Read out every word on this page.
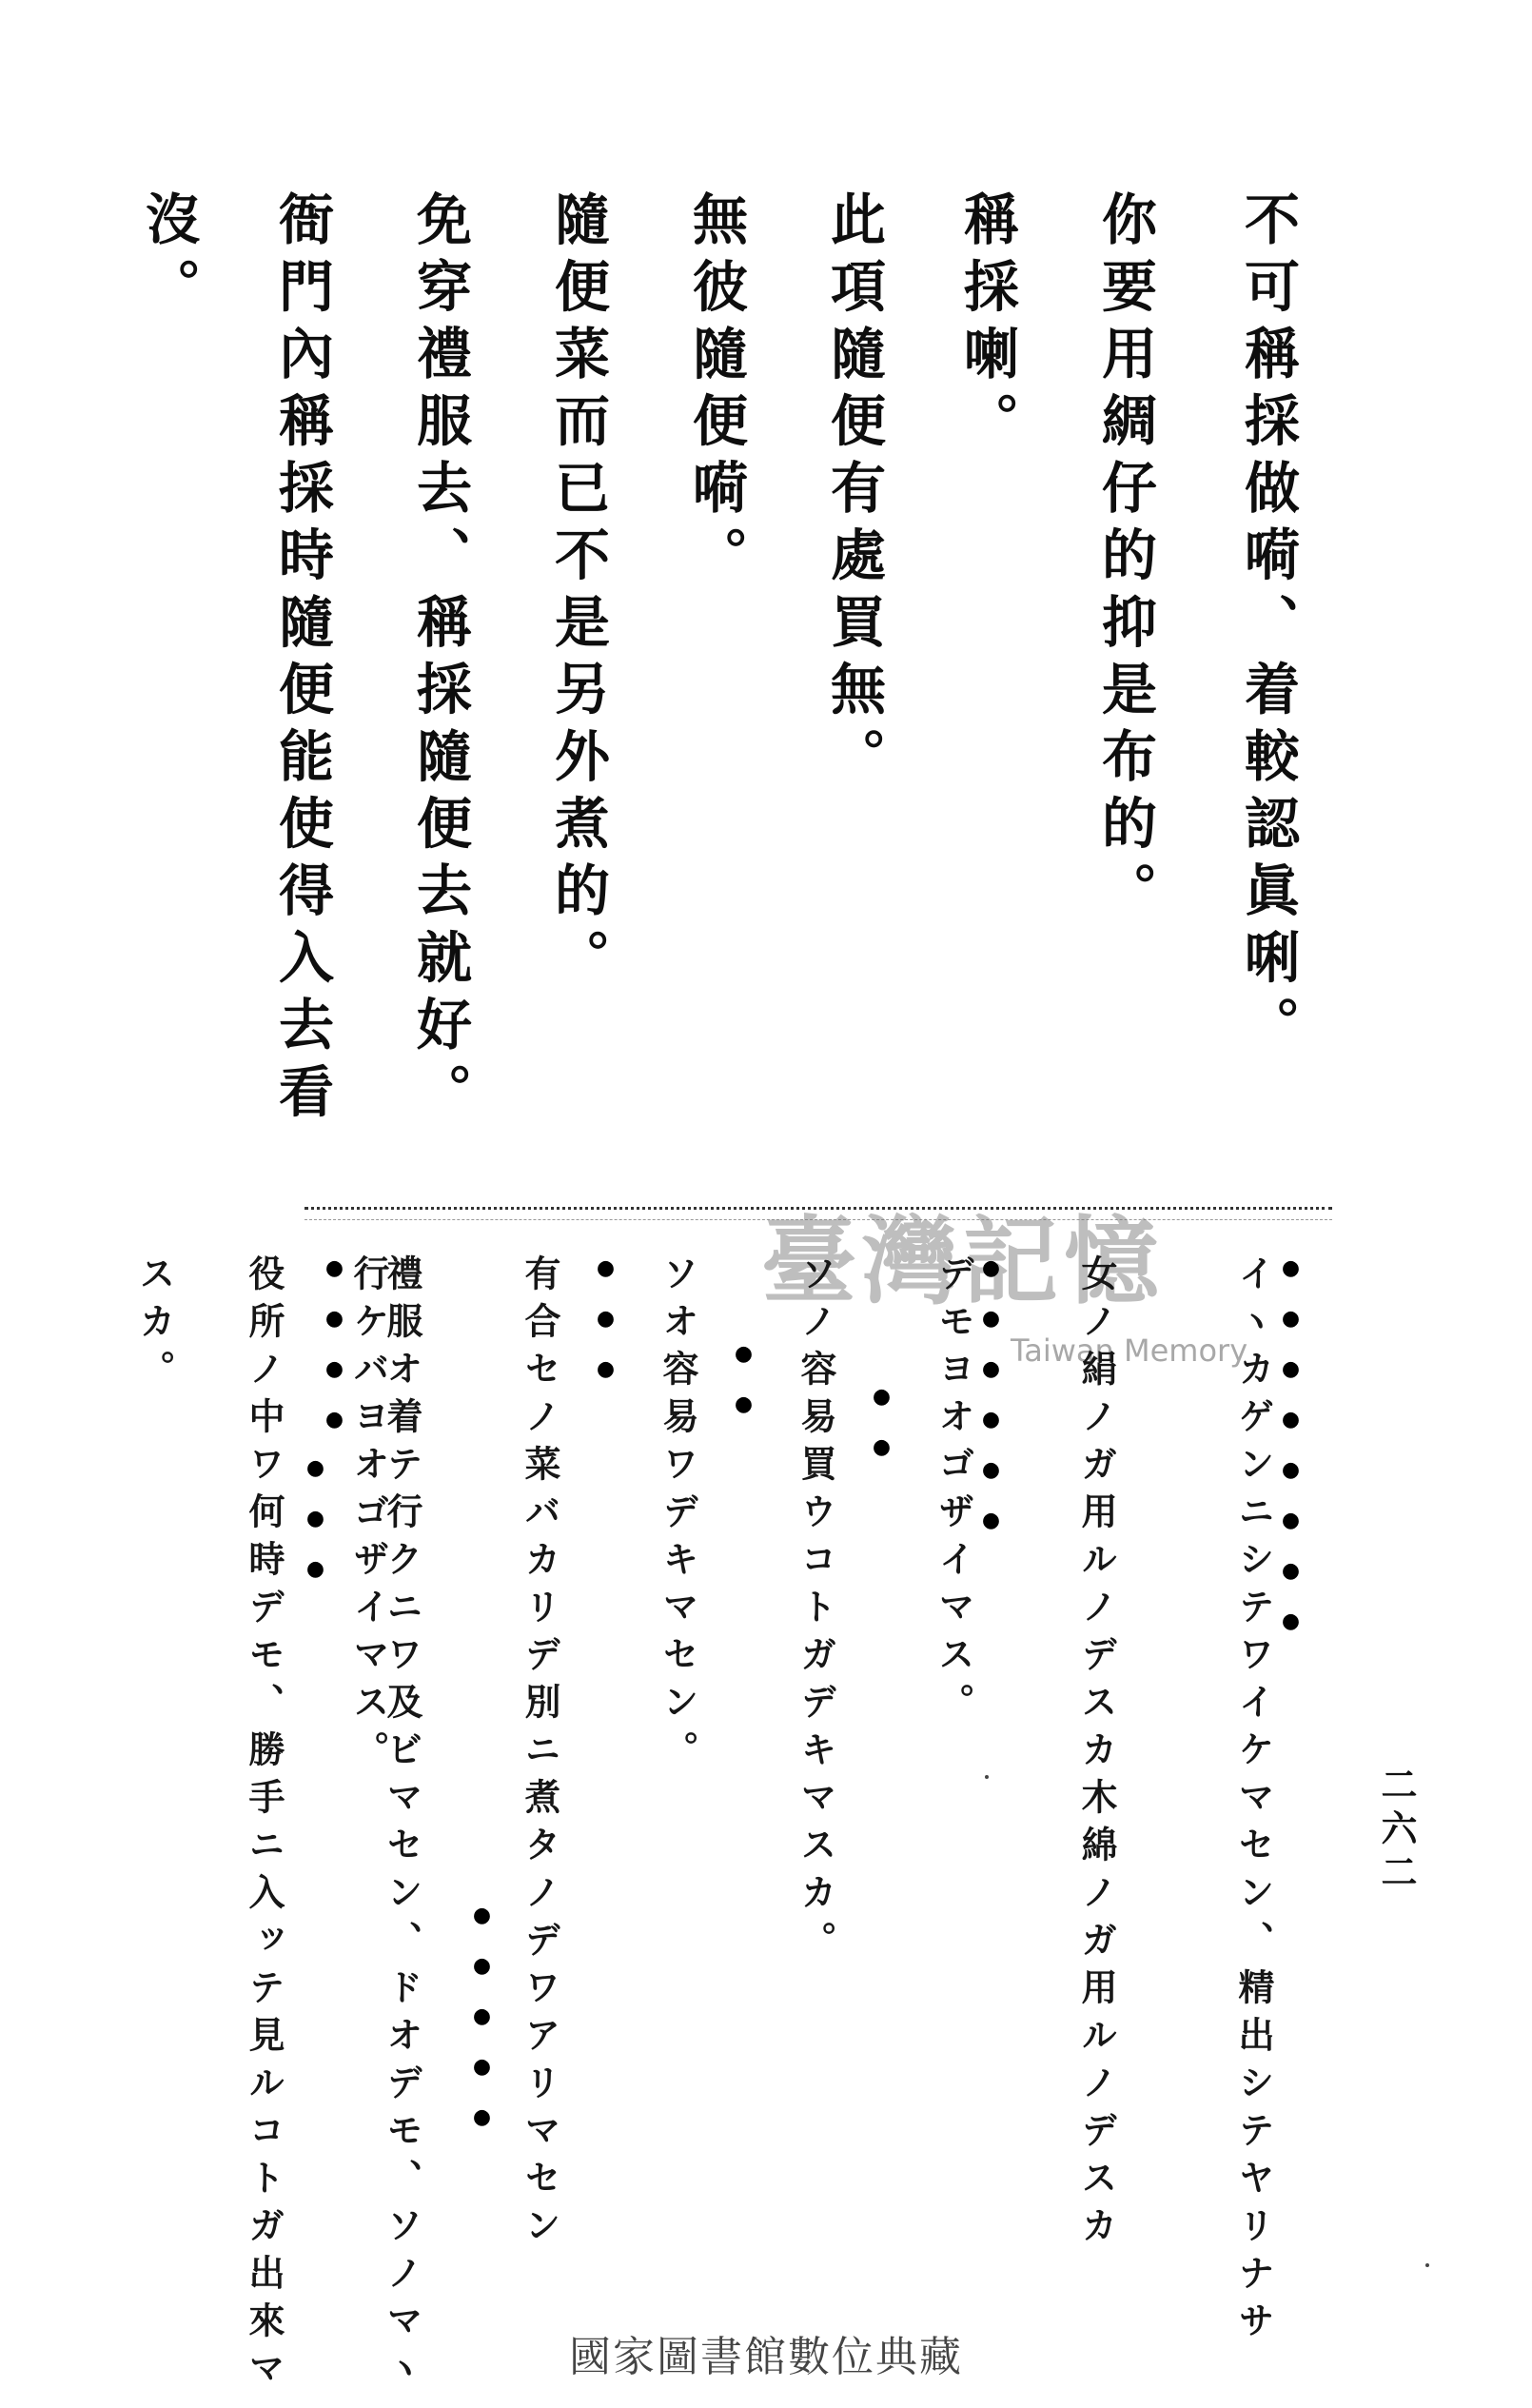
二六二
不可稱採做嗬、着較認眞唎。
你要用綢仔的抑是布的。
稱採喇。
此項隨便有處買無。
無彼隨便嗬。
隨便菜而已不是另外煮的。
免穿禮服去、稱採隨便去就好。
衙門內稱採時隨便能使得入去看
沒。
臺灣記憶
Taiwan Memory
イヽカゲンニシテワイケマセン、精出シテヤリナサ
女ノ絹ノガ用ルノデスカ木綿ノガ用ルノデスカ
デモヨオゴザイマス。
ソノ容易買ウコトガデキマスカ。
ソオ容易ワデキマセン。
有合セノ菜バカリデ別ニ煮タノデワアリマセン
禮服オ着テ行クニワ及ビマセン、ドオデモ、ソノマヽ
行ケバヨオゴザイマス。
役所ノ中ワ何時デモ、勝手ニ入ッテ見ルコトガ出來マ
スカ。	●●●●●●●●
●●●●●●
●●
●●
●●●
●●●●
●●●
●●●●●
國家圖書館數位典藏
